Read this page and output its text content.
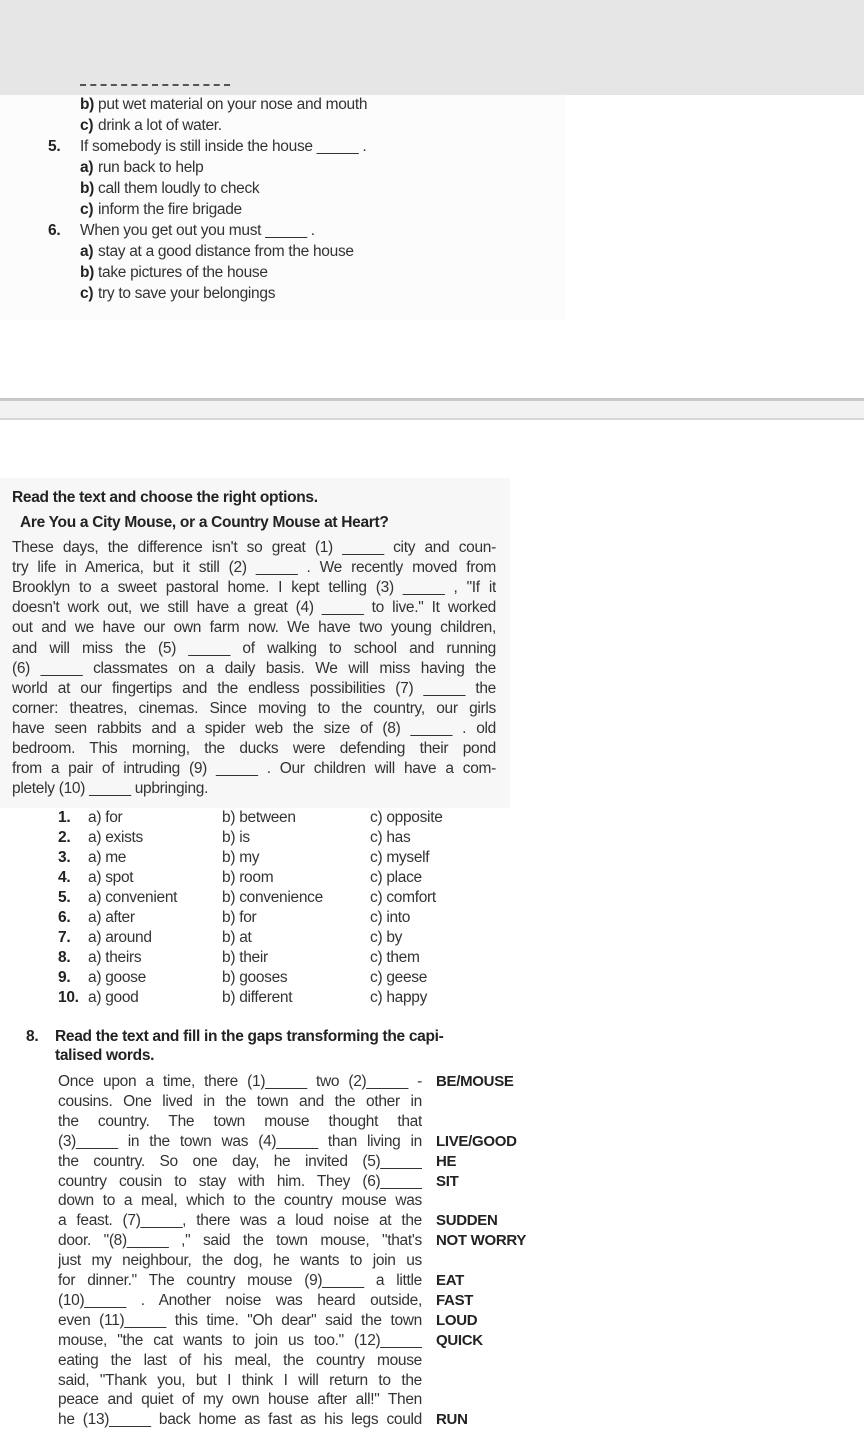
b) put wet material on your nose and mouth
c) drink a lot of water.
5. If somebody is still inside the house _____ .
a) run back to help
b) call them loudly to check
c) inform the fire brigade
6. When you get out you must _____ .
a) stay at a good distance from the house
b) take pictures of the house
c) try to save your belongings
Read the text and choose the right options.
Are You a City Mouse, or a Country Mouse at Heart?
These days, the difference isn't so great (1) _____ city and coun-
try life in America, but it still (2) _____ . We recently moved from
Brooklyn to a sweet pastoral home. I kept telling (3) _____ , "If it
doesn't work out, we still have a great (4) _____ to live." It worked
out and we have our own farm now. We have two young children,
and will miss the (5) _____ of walking to school and running
(6) _____ classmates on a daily basis. We will miss having the
world at our fingertips and the endless possibilities (7) _____ the
corner: theatres, cinemas. Since moving to the country, our girls
have seen rabbits and a spider web the size of (8) _____ . old
bedroom. This morning, the ducks were defending their pond
from a pair of intruding (9) _____ . Our children will have a com-
pletely (10) _____ upbringing.
1. a) for	b) between	c) opposite
2. a) exists	b) is	c) has
3. a) me	b) my	c) myself
4. a) spot	b) room	c) place
5. a) convenient	b) convenience	c) comfort
6. a) after	b) for	c) into
7. a) around	b) at	c) by
8. a) theirs	b) their	c) them
9. a) goose	b) gooses	c) geese
10. a) good	b) different	c) happy
8. Read the text and fill in the gaps transforming the capi-
talised words.
Once upon a time, there (1)_____ two (2)_____ - BE/MOUSE
cousins. One lived in the town and the other in
the country. The town mouse thought that
(3)_____ in the town was (4)_____ than living in LIVE/GOOD
the country. So one day, he invited (5)_____ HE
country cousin to stay with him. They (6)_____ SIT
down to a meal, which to the country mouse was
a feast. (7)_____, there was a loud noise at the SUDDEN
door. "(8)_____ ," said the town mouse, "that's NOT WORRY
just my neighbour, the dog, he wants to join us
for dinner." The country mouse (9)_____ a little EAT
(10)_____ . Another noise was heard outside, FAST
even (11)_____ this time. "Oh dear" said the town LOUD
mouse, "the cat wants to join us too." (12)_____ QUICK
eating the last of his meal, the country mouse
said, "Thank you, but I think I will return to the
peace and quiet of my own house after all!" Then
he (13)_____ back home as fast as his legs could RUN
